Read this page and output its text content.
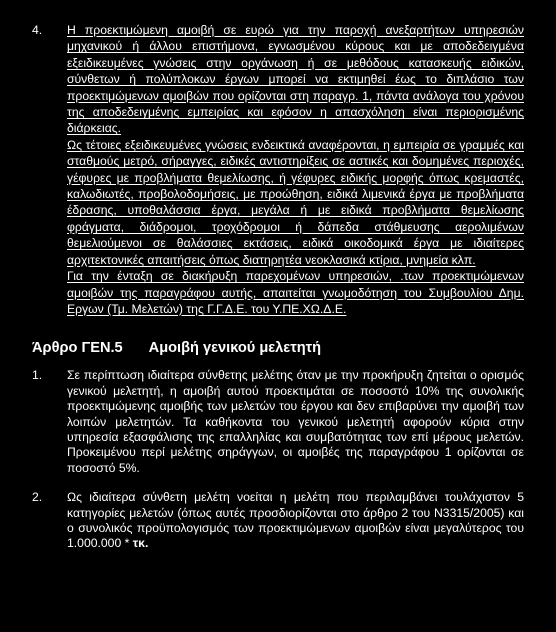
4. Η προεκτιμώμενη αμοιβή σε ευρώ για την παροχή ανεξαρτήτων υπηρεσιών μηχανικού ή άλλου επιστήμονα, εγνωσμένου κύρους και με αποδεδειγμένα εξειδικευμένες γνώσεις στην οργάνωση ή σε μεθόδους κατασκευής ειδικών, σύνθετων ή πολύπλοκων έργων μπορεί να εκτιμηθεί έως το διπλάσιο των προεκτιμώμενων αμοιβών που ορίζονται στη παραγρ. 1, πάντα ανάλογα του χρόνου της αποδεδειγμένης εμπειρίας και εφόσον η απασχόληση είναι περιορισμένης διάρκειας.

Ως τέτοιες εξειδικευμένες γνώσεις ενδεικτικά αναφέρονται, η εμπειρία σε γραμμές και σταθμούς μετρό, σήραγγες, ειδικές αντιστηρίξεις σε αστικές και δομημένες περιοχές, γέφυρες με προβλήματα θεμελίωσης, ή γέφυρες ειδικής μορφής όπως κρεμαστές, καλωδιωτές, προβολοδομήσεις, με προώθηση, ειδικά λιμενικά έργα με προβλήματα έδρασης, υποθαλάσσια έργα, μεγάλα ή με ειδικά προβλήματα θεμελίωσης φράγματα, διάδρομοι, τροχόδρομοι ή δάπεδα στάθμευσης αερολιμένων θεμελιούμενοι σε θαλάσσιες εκτάσεις, ειδικά οικοδομικά έργα με ιδιαίτερες αρχιτεκτονικές απαιτήσεις όπως διατηρητέα νεοκλασικά κτίρια, μνημεία κλπ.

Για την ένταξη σε διακήρυξη παρεχομένων υπηρεσιών, .των προεκτιμώμενων αμοιβών της παραγράφου αυτής, απαιτείται γνωμοδότηση του Συμβουλίου Δημ. Εργων (Τμ. Μελετών) της Γ.Γ.Δ.Ε. του Υ.ΠΕ.ΧΩ.Δ.Ε.

Άρθρο ΓΕΝ.5 Αμοιβή γενικού μελετητή
1. Σε περίπτωση ιδιαίτερα σύνθετης μελέτης όταν με την προκήρυξη ζητείται ο ορισμός γενικού μελετητή, η αμοιβή αυτού προεκτιμάται σε ποσοστό 10% της συνολικής προεκτιμώμενης αμοιβής των μελετών του έργου και δεν επιβαρύνει την αμοιβή των λοιπών μελετητών. Τα καθήκοντα του γενικού μελετητή αφορούν κύρια στην υπηρεσία εξασφάλισης της επαλληλίας και συμβατότητας των επί μέρους μελετών. Προκειμένου περί μελέτης σηράγγων, οι αμοιβές της παραγράφου 1 ορίζονται σε ποσοστό 5%.

2. Ως ιδιαίτερα σύνθετη μελέτη νοείται η μελέτη που περιλαμβάνει τουλάχιστον 5 κατηγορίες μελετών (όπως αυτές προσδιορίζονται στο άρθρο 2 του Ν3315/2005) και ο συνολικός προϋπολογισμός των προεκτιμώμενων αμοιβών είναι μεγαλύτερος του 1.000.000 * τκ.
